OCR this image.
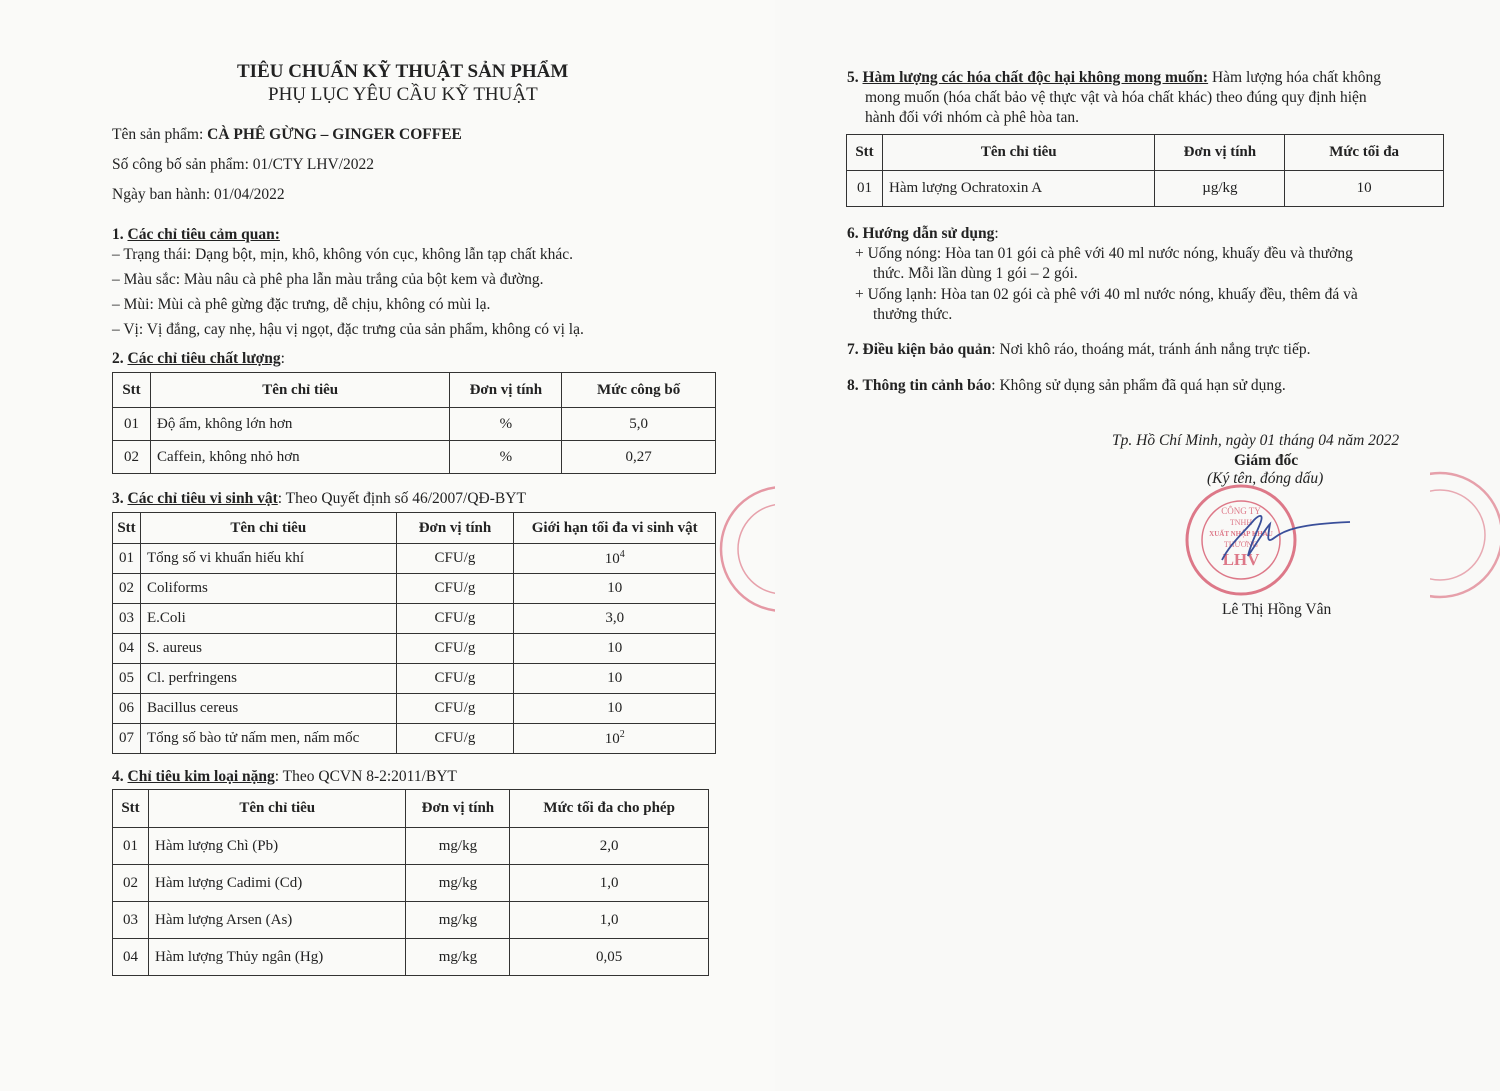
TIÊU CHUẨN KỸ THUẬT SẢN PHẨM
PHỤ LỤC YÊU CẦU KỸ THUẬT
Tên sản phẩm: CÀ PHÊ GỪNG – GINGER COFFEE
Số công bố sản phẩm: 01/CTY LHV/2022
Ngày ban hành: 01/04/2022
1. Các chỉ tiêu cảm quan:
– Trạng thái: Dạng bột, mịn, khô, không vón cục, không lẫn tạp chất khác.
– Màu sắc: Màu nâu cà phê pha lẫn màu trắng của bột kem và đường.
– Mùi: Mùi cà phê gừng đặc trưng, dễ chịu, không có mùi lạ.
– Vị: Vị đắng, cay nhẹ, hậu vị ngọt, đặc trưng của sản phẩm, không có vị lạ.
2. Các chỉ tiêu chất lượng:
Stt	Tên chỉ tiêu	Đơn vị tính	Mức công bố
01	Độ ẩm, không lớn hơn	%	5,0
02	Caffein, không nhỏ hơn	%	0,27
3. Các chỉ tiêu vi sinh vật: Theo Quyết định số 46/2007/QĐ-BYT
Stt	Tên chỉ tiêu	Đơn vị tính	Giới hạn tối đa vi sinh vật
01	Tổng số vi khuẩn hiếu khí	CFU/g	$10^4$
02	Coliforms	CFU/g	10
03	E.Coli	CFU/g	3,0
04	S. aureus	CFU/g	10
05	Cl. perfringens	CFU/g	10
06	Bacillus cereus	CFU/g	10
07	Tổng số bào tử nấm men, nấm mốc	CFU/g	$10^2$
4. Chỉ tiêu kim loại nặng: Theo QCVN 8-2:2011/BYT
Stt	Tên chỉ tiêu	Đơn vị tính	Mức tối đa cho phép
01	Hàm lượng Chì (Pb)	mg/kg	2,0
02	Hàm lượng Cadimi (Cd)	mg/kg	1,0
03	Hàm lượng Arsen (As)	mg/kg	1,0
04	Hàm lượng Thủy ngân (Hg)	mg/kg	0,05
5. Hàm lượng các hóa chất độc hại không mong muốn: Hàm lượng hóa chất không
mong muốn (hóa chất bảo vệ thực vật và hóa chất khác) theo đúng quy định hiện
hành đối với nhóm cà phê hòa tan.
Stt	Tên chỉ tiêu	Đơn vị tính	Mức tối đa
01	Hàm lượng Ochratoxin A	µg/kg	10
6. Hướng dẫn sử dụng:
+ Uống nóng: Hòa tan 01 gói cà phê với 40 ml nước nóng, khuấy đều và thưởng
thức. Mỗi lần dùng 1 gói – 2 gói.
+ Uống lạnh: Hòa tan 02 gói cà phê với 40 ml nước nóng, khuấy đều, thêm đá và
thưởng thức.
7. Điều kiện bảo quản: Nơi khô ráo, thoáng mát, tránh ánh nắng trực tiếp.
8. Thông tin cảnh báo: Không sử dụng sản phẩm đã quá hạn sử dụng.
Tp. Hồ Chí Minh, ngày 01 tháng 04 năm 2022
Giám đốc
CÔNG TY
TNHH
XUẤT NHẬP KHẨU
THƯƠNG
LHV
(Ký tên, đóng dấu)
Lê Thị Hồng Vân
